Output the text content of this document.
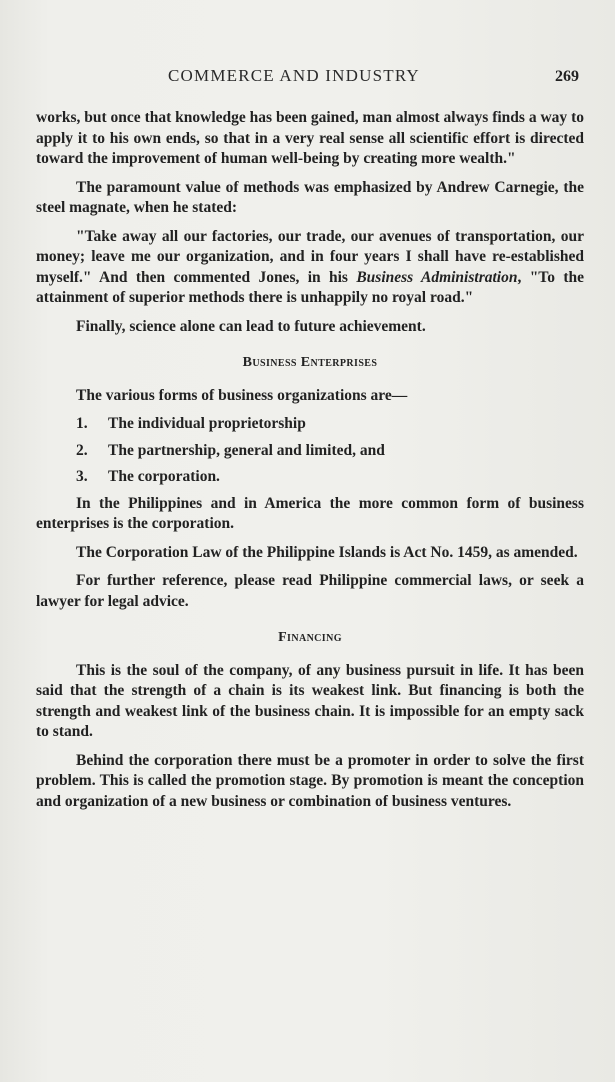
COMMERCE AND INDUSTRY	269

works, but once that knowledge has been gained, man almost always finds a way to apply it to his own ends, so that in a very real sense all scientific effort is directed toward the improvement of human well-being by creating more wealth."

The paramount value of methods was emphasized by Andrew Carnegie, the steel magnate, when he stated:

"Take away all our factories, our trade, our avenues of transportation, our money; leave me our organization, and in four years I shall have re-established myself." And then commented Jones, in his Business Administration, "To the attainment of superior methods there is unhappily no royal road."

Finally, science alone can lead to future achievement.

Business Enterprises

The various forms of business organizations are—

1. The individual proprietorship
2. The partnership, general and limited, and
3. The corporation.

In the Philippines and in America the more common form of business enterprises is the corporation.

The Corporation Law of the Philippine Islands is Act No. 1459, as amended.

For further reference, please read Philippine commercial laws, or seek a lawyer for legal advice.

Financing

This is the soul of the company, of any business pursuit in life. It has been said that the strength of a chain is its weakest link. But financing is both the strength and weakest link of the business chain. It is impossible for an empty sack to stand.

Behind the corporation there must be a promoter in order to solve the first problem. This is called the promotion stage. By promotion is meant the conception and organization of a new business or combination of business ventures.
